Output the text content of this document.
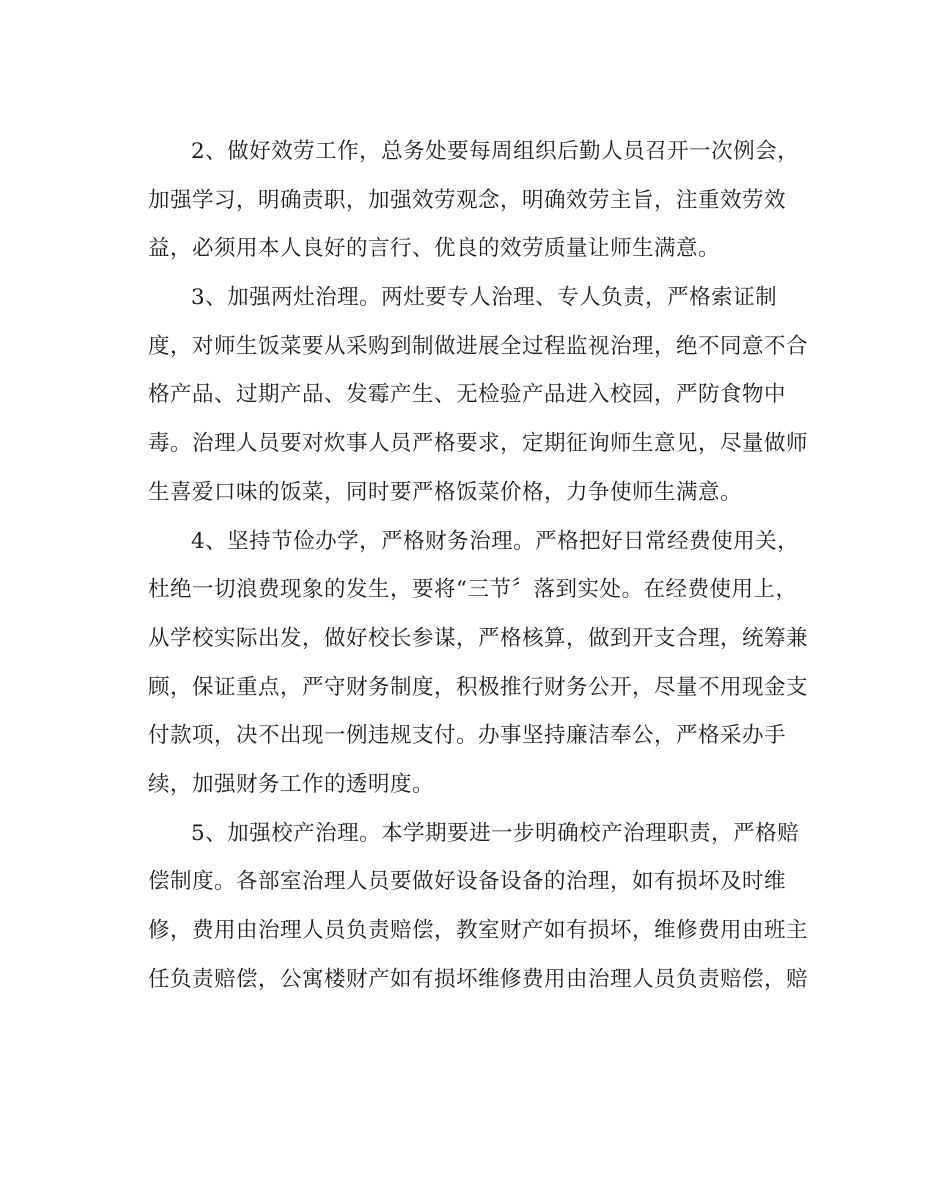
2、做好效劳工作，总务处要每周组织后勤人员召开一次例会，
加强学习，明确责职，加强效劳观念，明确效劳主旨，注重效劳效
益，必须用本人良好的言行、优良的效劳质量让师生满意。
3、加强两灶治理。两灶要专人治理、专人负责，严格索证制
度，对师生饭菜要从采购到制做进展全过程监视治理，绝不同意不合
格产品、过期产品、发霉产生、无检验产品进入校园，严防食物中
毒。治理人员要对炊事人员严格要求，定期征询师生意见，尽量做师
生喜爱口味的饭菜，同时要严格饭菜价格，力争使师生满意。
4、坚持节俭办学，严格财务治理。严格把好日常经费使用关，
杜绝一切浪费现象的发生，要将“三节〞落到实处。在经费使用上，
从学校实际出发，做好校长参谋，严格核算，做到开支合理，统筹兼
顾，保证重点，严守财务制度，积极推行财务公开，尽量不用现金支
付款项，决不出现一例违规支付。办事坚持廉洁奉公，严格采办手
续，加强财务工作的透明度。
5、加强校产治理。本学期要进一步明确校产治理职责，严格赔
偿制度。各部室治理人员要做好设备设备的治理，如有损坏及时维
修，费用由治理人员负责赔偿，教室财产如有损坏，维修费用由班主
任负责赔偿，公寓楼财产如有损坏维修费用由治理人员负责赔偿，赔
